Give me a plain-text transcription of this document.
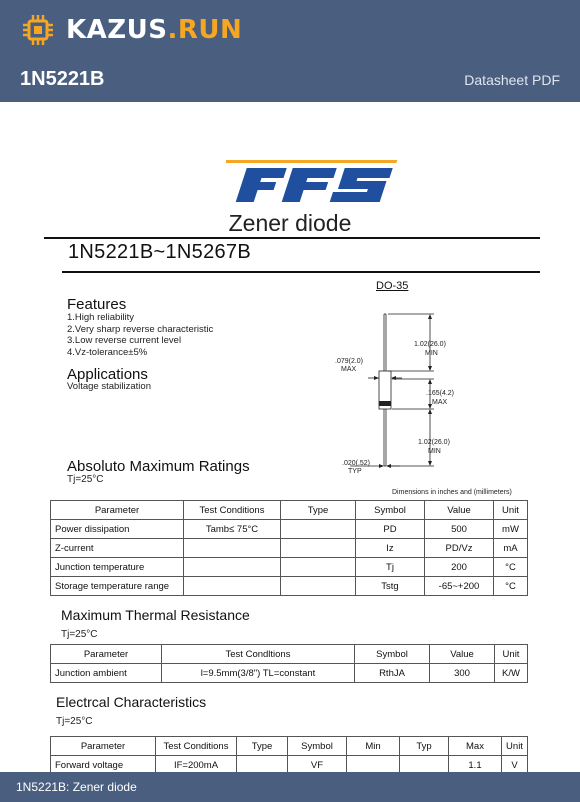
KAZUS.RUN
1N5221B	Datasheet PDF
Zener diode
1N5221B~1N5267B
Features
1.High reliability
2.Very sharp reverse characteristic
3.Low reverse current level
4.Vz-tolerance±5%
Applications
Voltage stabilization
DO-35
1.02(26.0)
MIN
.079(2.0)
MAX
.165(4.2)
MAX
1.02(26.0)
MIN
.020(.52)
TYP
Dimensions in inches and (millimeters)
Absoluto Maximum Ratings
Tj=25°C
Parameter	Test Conditions	Type	Symbol	Value	Unit
Power dissipation	Tamb≤ 75°C		PD	500	mW
Z-current			Iz	PD/Vz	mA
Junction temperature			Tj	200	°C
Storage temperature range			Tstg	-65~+200	°C
Maximum Thermal Resistance
Tj=25°C
Parameter	Test Condltions	Symbol	Value	Unit
Junction ambient	l=9.5mm(3/8") TL=constant	RthJA	300	K/W
Electrcal Characteristics
Tj=25°C
Parameter	Test Conditions	Type	Symbol	Min	Typ	Max	Unit
Forward voltage	IF=200mA		VF			1.1	V
1N5221B: Zener diode
